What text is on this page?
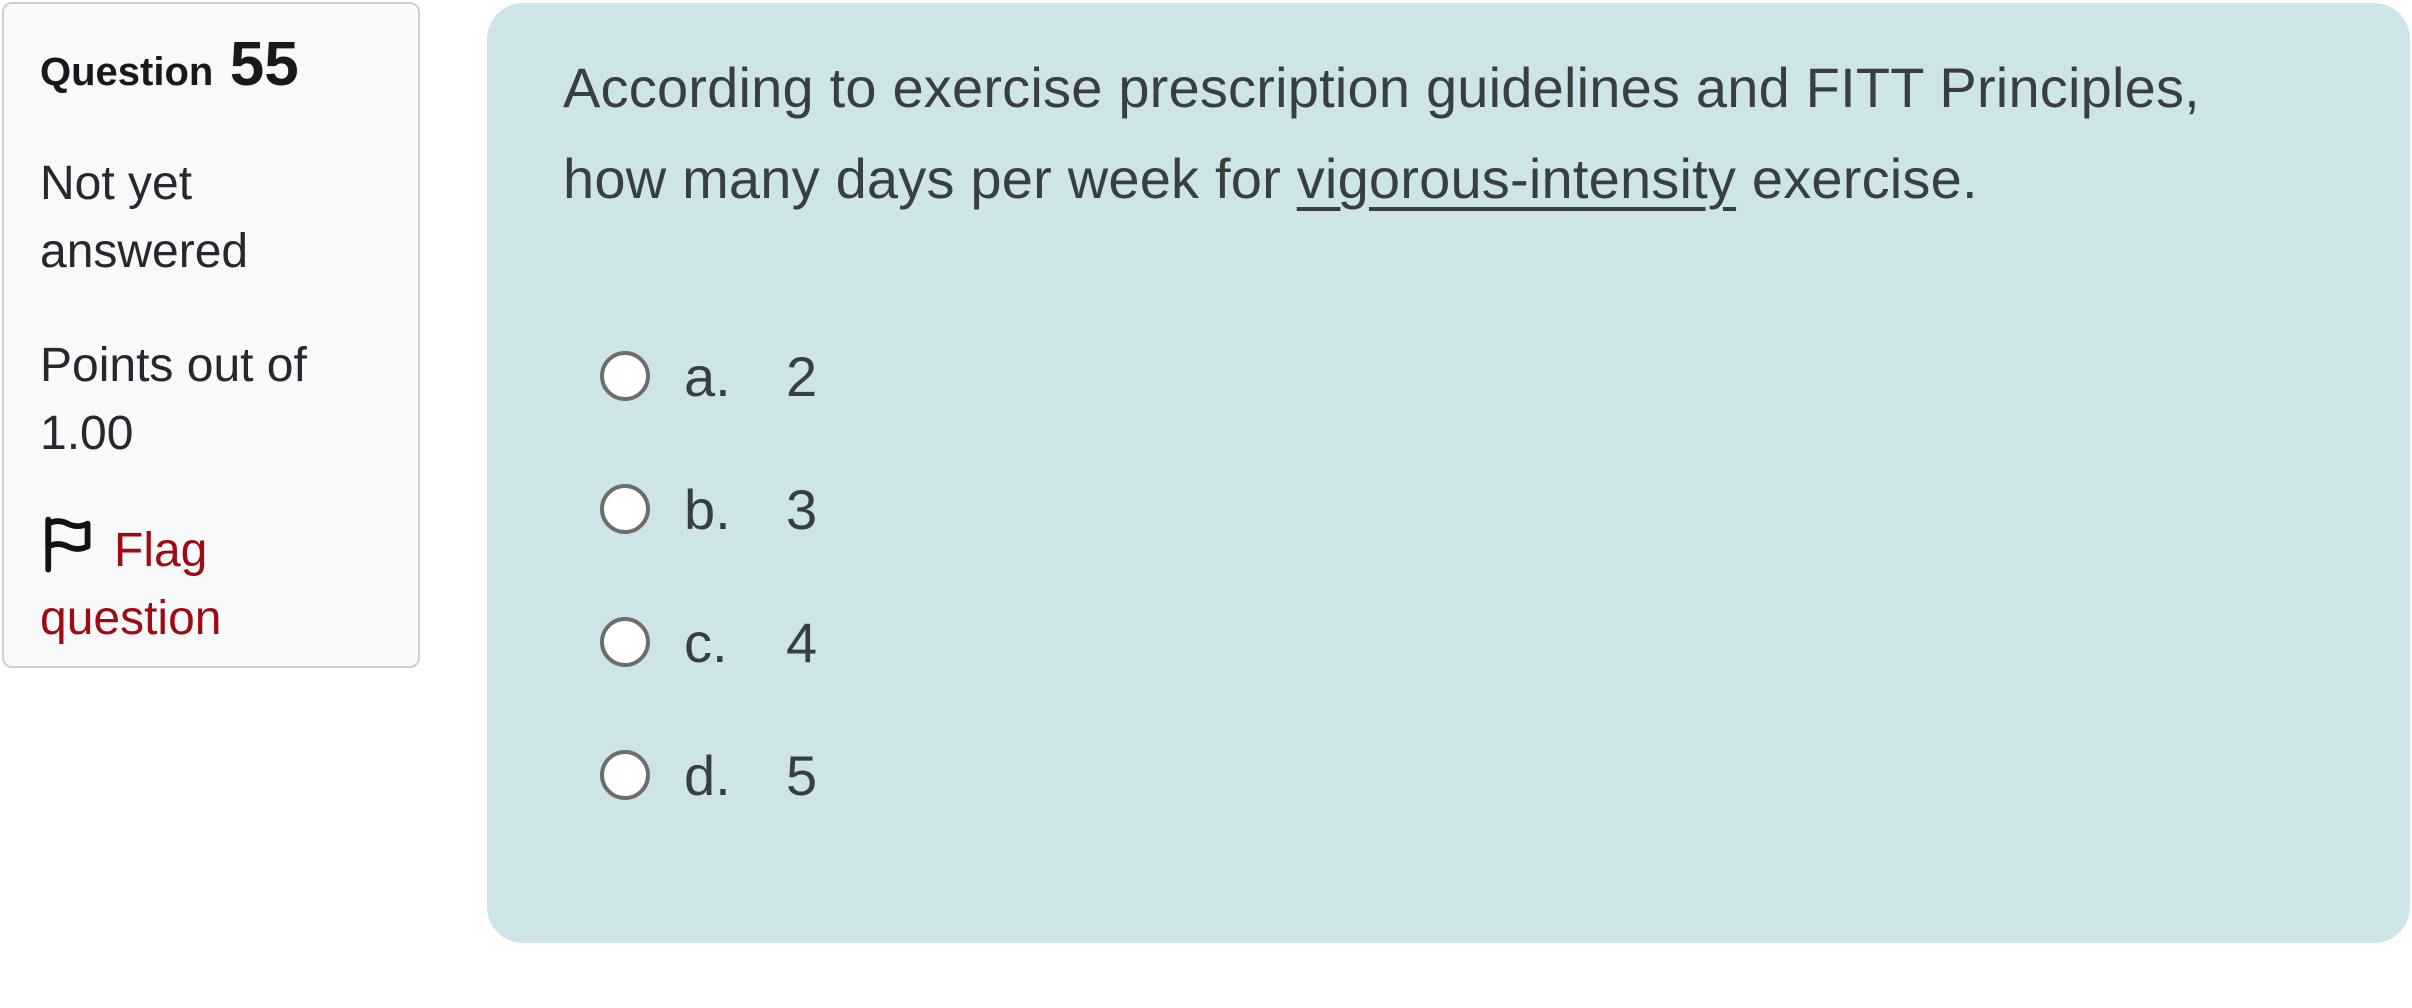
Question 55
Not yet answered
Points out of 1.00
Flag question
According to exercise prescription guidelines and FITT Principles,
how many days per week for vigorous-intensity exercise.
a. 2
b. 3
c.	4
d. 5
